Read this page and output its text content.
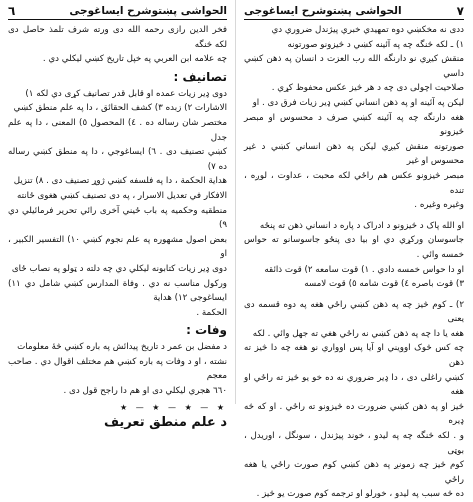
الحواشی پښتوشرح ایساغوجی
٦

فخر الدین رازی رحمه الله دی ورته شرف تلمذ حاصل دی لکه څنگه

چه علامه ابن العربي په خپل تاریخ کښي لیکلي دي .

تصانیف :

دوی ډیر زیات عمده او قابل قدر تصانیف کړی دي لکه ١)

الاشارات ۲) زبده ۳) کشف الحقائق ، دا په علم منطق کښي

مختصر شان رساله ده . ٤) المحصول ٥) المعنی ، دا په علم جدل

کښي تصنیف دی . ٦) ایساغوجي ، دا په منطق کښي رساله ده ٧)

هدایة الحکمة ، دا په فلسفه کښي ژوړ تصنیف دی . ۸) تنزیل

الافکار في تعدیل الاسرار ، په دی تصنیف کښي هغوی ځانته

منطقیه وحکمیه په باب ځیني آخری رائي تحریر فرمائیلي دي ۹)

بعض اصول مشهوره په علم نجوم کښي ۱۰) التفسیر الکبیر ، او

دوی ډیر زیات کتابونه لیکلي دي چه دلته د ټولو په نصاب ځای

ورکول مناسب نه دي . وفاة المدارس کښي شامل دي ۱۱) ایساغوجی ۱۲) هدایة

الحکمة .

وفات :

د مفضل بن عمر د تاریخ پیدائش په باره کښي څهٔ معلومات

نشته ، او د وفات په باره کښي هم مختلف اقوال دي . صاحب معجم

٦٦٠ هجري لیکلي دی او هم دا راجح قول دی .

★ — ★ — ★ — ★
د علم منطق تعریف
٧
الحواشی پښتوشرح ایساغوجی

ددی نه مخکښي دوه تمهیدي خبري پیژندل ضروري دي

۱) ـ لکه څنگه چه په آئینه کښي د څیزونو صورتونه

منقش کیږي نو دارنگه الله رب العزت د انسان په ذهن کښي داسي

صلاحیت اچولی دی چه د هر څیز عکس محفوظ کړي .

لیکن په آئینه او په ذهن انساني کښي ډیر زیات فرق دی . او

هغه دارنگه چه په آئینه کښي صرف د محسوس او مبصر څیزونو

صورتونه منقش کیږي لیکن په ذهن انساني کښي د غیر محسوس او غیر

مبصر څیزونو عکس هم راځي لکه محبت ، عداوت ، لوږه ، تنده

وغیره وغیره .

او الله پاک د څیزونو د ادراک د پاره د انساني ذهن ته پنځه

جاسوسان ورکړي دي او بیا دی پنځو جاسوسانو ته حواس خمسه وائي .

او دا حواس خمسه دادي . ۱) قوت سامعه ۲) قوت ذائقه

۳) قوت باصره ٤) قوت شامه ٥) قوت لامسه

۲) ـ کوم څیز چه په ذهن کښي راځي هغه په دوه قسمه دی یعنی

هغه یا دا چه په ذهن کښي نه راځي هغي ته جهل وائي . لکه

چه کس څوک اوویني او آیا پس اوواري نو هغه چه دا څیز ته ذهن

کښي راغلی دی ، دا ډیر ضروري نه ده خو یو څیز ته راځي او هغه

څیز او په ذهن کښي ضرورت ده څیزونو ته راځي . او که څه ډیره

و . لکه څنگه چه په لیدو ، خوند پیژندل ، سونگل ، اوریدل ، بوټی

کوم څیز چه زمونږ په ذهن کښي کوم صورت راځي یا هغه راځي

ده څه سبب په لیدو ، خورلو او ترجمه کوم صورت یو څیز .
